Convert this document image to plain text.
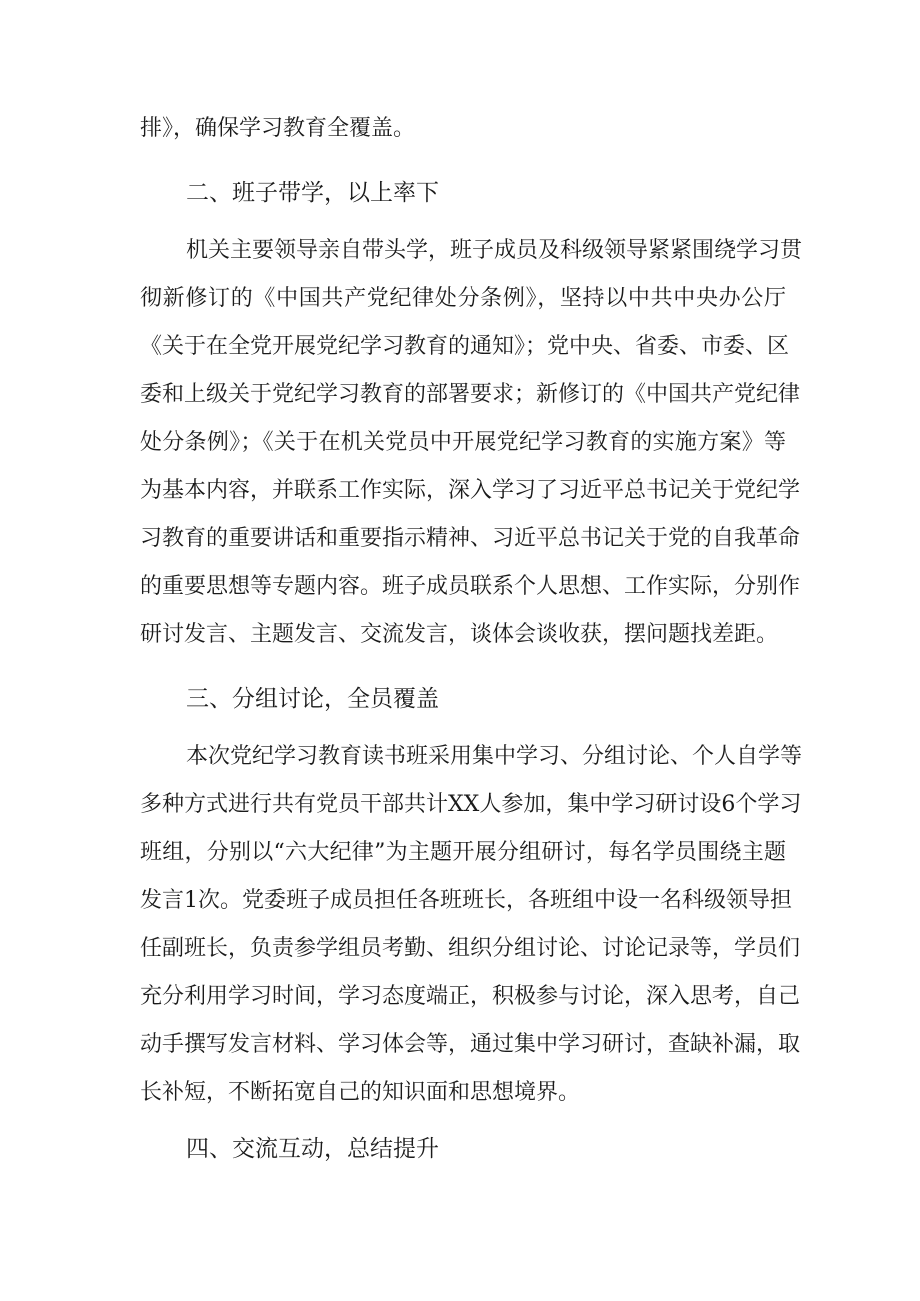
排》，确保学习教育全覆盖。
二、班子带学，以上率下
机关主要领导亲自带头学，班子成员及科级领导紧紧围绕学习贯
彻新修订的《中国共产党纪律处分条例》，坚持以中共中央办公厅
《关于在全党开展党纪学习教育的通知》；党中央、省委、市委、区
委和上级关于党纪学习教育的部署要求；新修订的《中国共产党纪律
处分条例》；《关于在机关党员中开展党纪学习教育的实施方案》等
为基本内容，并联系工作实际，深入学习了习近平总书记关于党纪学
习教育的重要讲话和重要指示精神、习近平总书记关于党的自我革命
的重要思想等专题内容。班子成员联系个人思想、工作实际，分别作
研讨发言、主题发言、交流发言，谈体会谈收获，摆问题找差距。
三、分组讨论，全员覆盖
本次党纪学习教育读书班采用集中学习、分组讨论、个人自学等
多种方式进行共有党员干部共计XX人参加，集中学习研讨设6个学习
班组，分别以“六大纪律”为主题开展分组研讨，每名学员围绕主题
发言1次。党委班子成员担任各班班长，各班组中设一名科级领导担
任副班长，负责参学组员考勤、组织分组讨论、讨论记录等，学员们
充分利用学习时间，学习态度端正，积极参与讨论，深入思考，自己
动手撰写发言材料、学习体会等，通过集中学习研讨，查缺补漏，取
长补短，不断拓宽自己的知识面和思想境界。
四、交流互动，总结提升
